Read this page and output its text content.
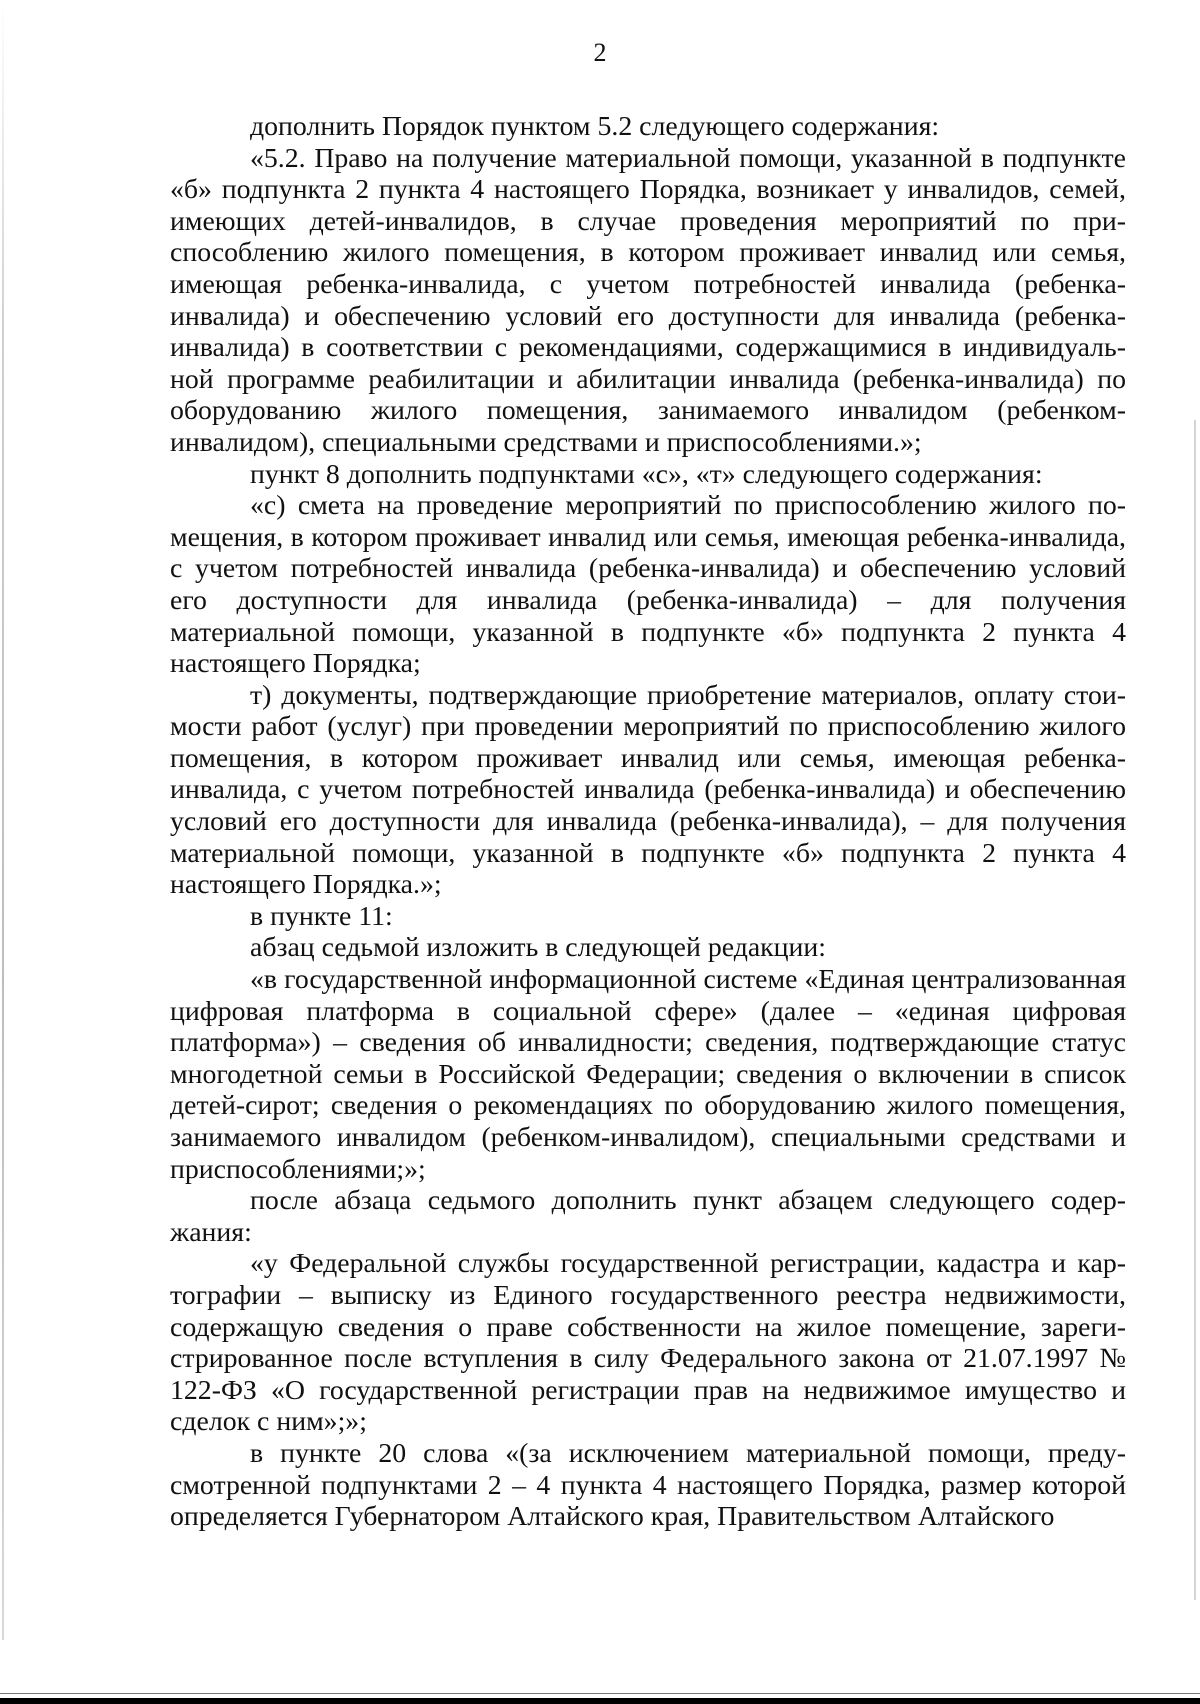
2

дополнить Порядок пунктом 5.2 следующего содержания:

«5.2. Право на получение материальной помощи, указанной в подпункте «б» подпункта 2 пункта 4 настоящего Порядка, возникает у инвалидов, семей, имеющих детей-инвалидов, в случае проведения мероприятий по приспособлению жилого помещения, в котором проживает инвалид или семья, имеющая ребенка-инвалида, с учетом потребностей инвалида (ребенка-инвалида) и обеспечению условий его доступности для инвалида (ребенка-инвалида) в соответствии с рекомендациями, содержащимися в индивидуальной программе реабилитации и абилитации инвалида (ребенка-инвалида) по оборудованию жилого помещения, занимаемого инвалидом (ребенком-инвалидом), специальными средствами и приспособлениями.»;

пункт 8 дополнить подпунктами «с», «т» следующего содержания:

«с) смета на проведение мероприятий по приспособлению жилого помещения, в котором проживает инвалид или семья, имеющая ребенка-инвалида, с учетом потребностей инвалида (ребенка-инвалида) и обеспечению условий его доступности для инвалида (ребенка-инвалида) – для получения материальной помощи, указанной в подпункте «б» подпункта 2 пункта 4 настоящего Порядка;

т) документы, подтверждающие приобретение материалов, оплату стоимости работ (услуг) при проведении мероприятий по приспособлению жилого помещения, в котором проживает инвалид или семья, имеющая ребенка-инвалида, с учетом потребностей инвалида (ребенка-инвалида) и обеспечению условий его доступности для инвалида (ребенка-инвалида), – для получения материальной помощи, указанной в подпункте «б» подпункта 2 пункта 4 настоящего Порядка.»;

в пункте 11:

абзац седьмой изложить в следующей редакции:

«в государственной информационной системе «Единая централизованная цифровая платформа в социальной сфере» (далее – «единая цифровая платформа») – сведения об инвалидности; сведения, подтверждающие статус многодетной семьи в Российской Федерации; сведения о включении в список детей-сирот; сведения о рекомендациях по оборудованию жилого помещения, занимаемого инвалидом (ребенком-инвалидом), специальными средствами и приспособлениями;»;

после абзаца седьмого дополнить пункт абзацем следующего содержания:

«у Федеральной службы государственной регистрации, кадастра и картографии – выписку из Единого государственного реестра недвижимости, содержащую сведения о праве собственности на жилое помещение, зарегистрированное после вступления в силу Федерального закона от 21.07.1997 № 122-ФЗ «О государственной регистрации прав на недвижимое имущество и сделок с ним»;»;

в пункте 20 слова «(за исключением материальной помощи, предусмотренной подпунктами 2 – 4 пункта 4 настоящего Порядка, размер которой определяется Губернатором Алтайского края, Правительством Алтайского
